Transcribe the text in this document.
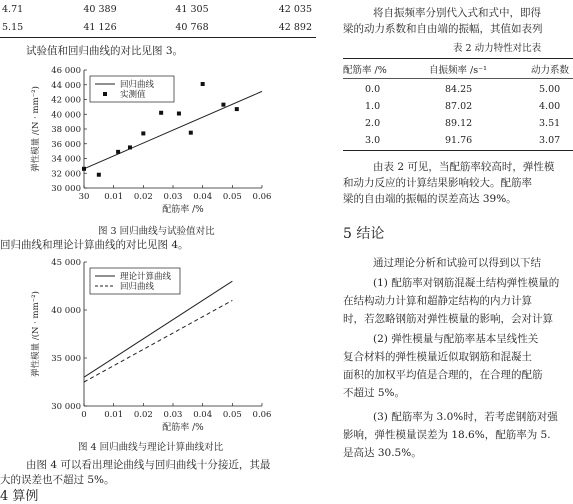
4.71	40 389	41 305	42 035
5.15	41 126	40 768	42 892
试验值和回归曲线的对比见图 3。
30 0.01 0.02 0.03 0.04 0.05 0.06
30 000
32 000
34 000
36 000
38 000
40 000
42 000
44 000
46 000
配筋率 /%
弹性模量 /(N · mm⁻²)
回归曲线
实测值
图 3 回归曲线与试验值对比
回归曲线和理论计算曲线的对比见图 4。
0 0.01 0.02 0.03 0.04 0.05 0.06
30 000
35 000
40 000
45 000
配筋率 /%
弹性模量 /(N · mm⁻²)
理论计算曲线
回归曲线
图 4 回归曲线与理论计算曲线对比
由图 4 可以看出理论曲线与回归曲线十分接近，其最
大的误差也不超过 5%。
4 算例
将自振频率分别代入式和式中，即得
梁的动力系数和自由端的振幅，其值如表列
表 2 动力特性对比表
配筋率 /%	自振频率 /s⁻¹	动力系数
0.0	84.25	5.00
1.0	87.02	4.00
2.0	89.12	3.51
3.0	91.76	3.07
由表 2 可见，当配筋率较高时，弹性模
和动力反应的计算结果影响较大。配筋率
梁的自由端的振幅的误差高达 39%。
5 结论
通过理论分析和试验可以得到以下结
(1) 配筋率对钢筋混凝土结构弹性模量的
在结构动力计算和超静定结构的内力计算
时，若忽略钢筋对弹性模量的影响，会对计算
(2) 弹性模量与配筋率基本呈线性关
复合材料的弹性模量近似取钢筋和混凝土
面积的加权平均值是合理的，在合理的配筋
不超过 5%。
(3) 配筋率为 3.0%时，若考虑钢筋对强
影响，弹性模量误差为 18.6%，配筋率为 5.
是高达 30.5%。
